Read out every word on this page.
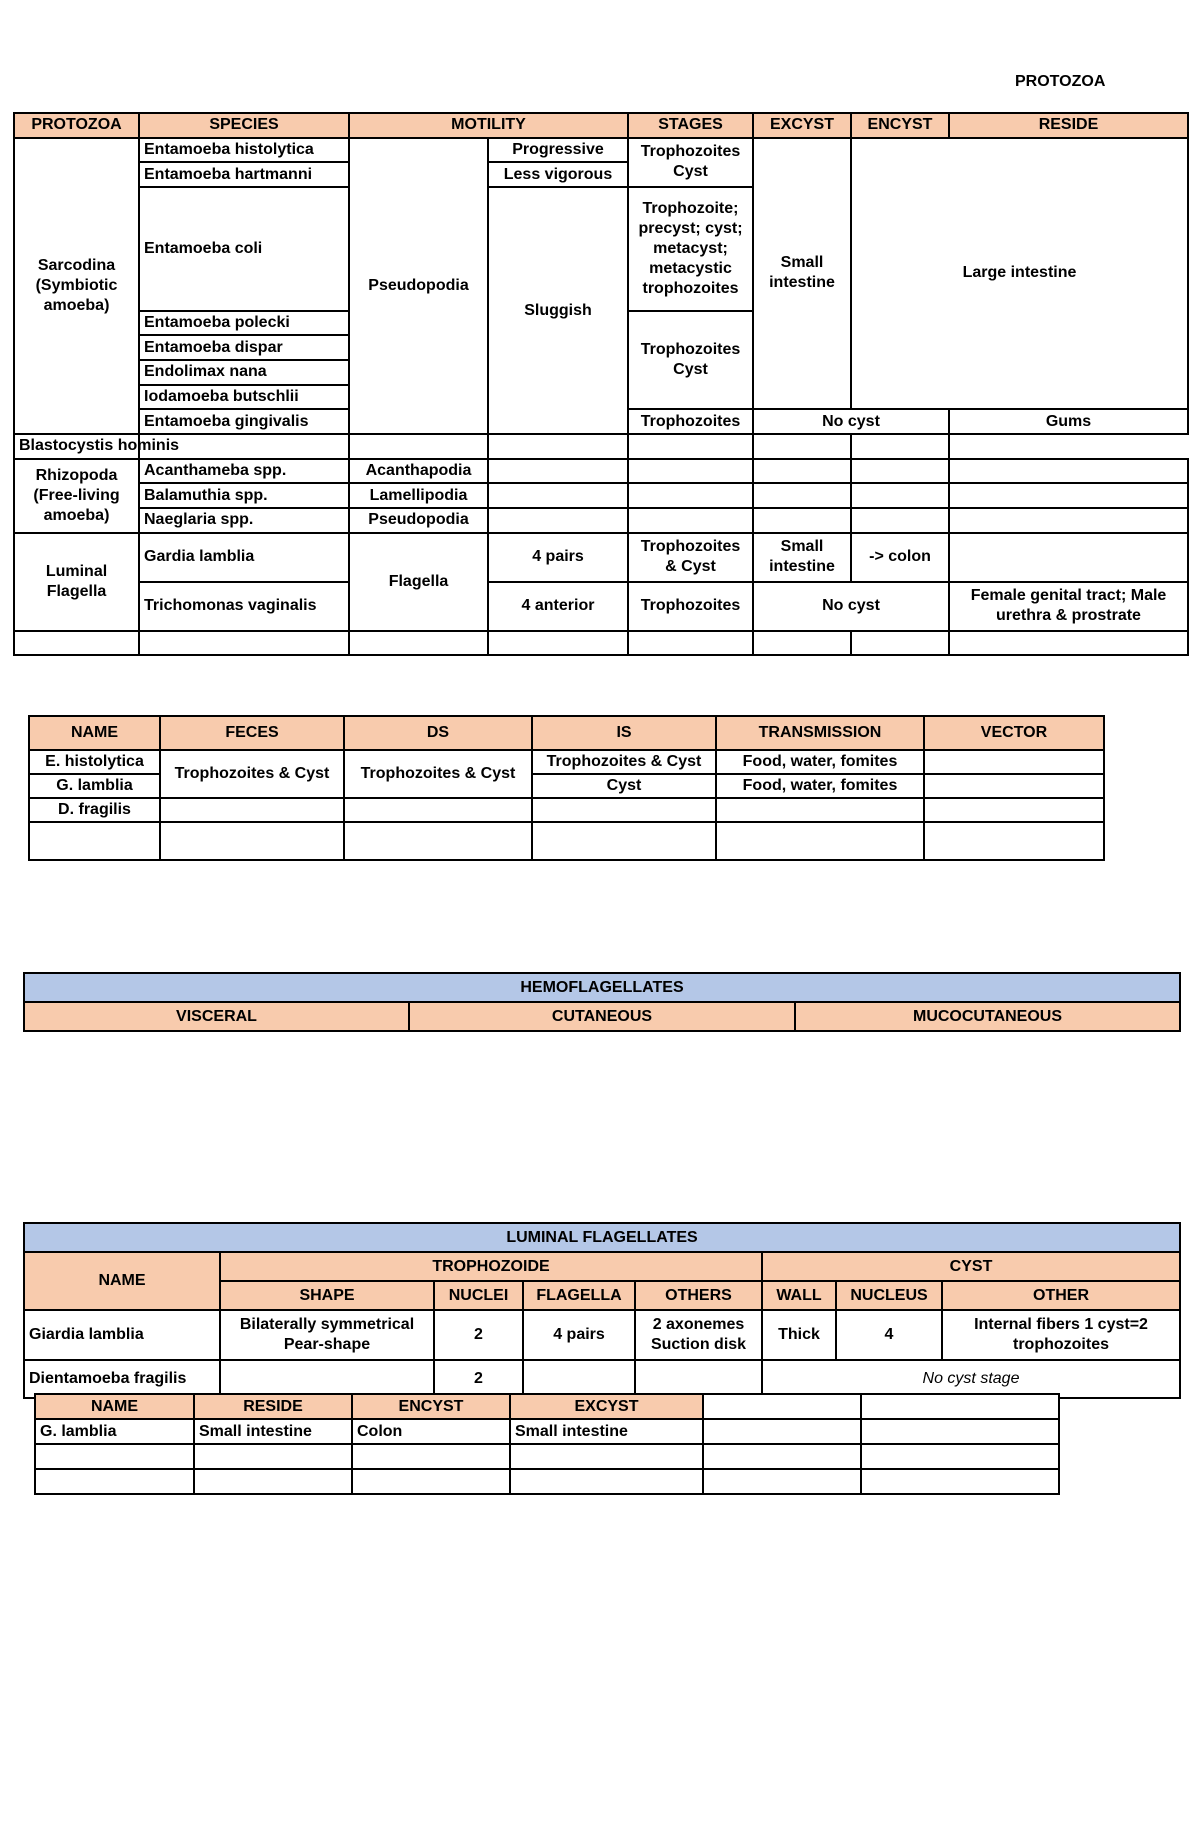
PROTOZOA
PROTOZOA	SPECIES	MOTILITY		STAGES	EXCYST	ENCYST	RESIDE
Sarcodina (Symbiotic amoeba)	Entamoeba histolytica	Pseudopodia	Progressive	Trophozoites Cyst	Small intestine	Large intestine	
	Entamoeba hartmanni		Less vigorous				
	Entamoeba coli		Sluggish	Trophozoite; precyst; cyst; metacyst; metacystic trophozoites			

	Entamoeba polecki			Trophozoites Cyst			
	Entamoeba dispar						
	Endolimax nana						
	Iodamoeba butschlii						
	Entamoeba gingivalis			Trophozoites	No cyst		Gums
Blastocystis hominis							
Rhizopoda (Free-living amoeba)	Acanthameba spp.	Acanthapodia					
	Balamuthia spp.	Lamellipodia					
	Naeglaria spp.	Pseudopodia					
Luminal Flagella	Gardia lamblia	Flagella	4 pairs	Trophozoites & Cyst	Small intestine	-> colon	
	Trichomonas vaginalis		4 anterior	Trophozoites	No cyst		Female genital tract; Male urethra & prostrate

NAME	FECES	DS	IS	TRANSMISSION	VECTOR
E. histolytica	Trophozoites & Cyst	Trophozoites & Cyst	Trophozoites & Cyst	Food, water, fomites	
G. lamblia			Cyst	Food, water, fomites	
D. fragilis					

HEMOFLAGELLATES
VISCERAL	CUTANEOUS	MUCOCUTANEOUS
LUMINAL FLAGELLATES							
NAME	TROPHOZOIDE				CYST		
	SHAPE	NUCLEI	FLAGELLA	OTHERS	WALL	NUCLEUS	OTHER
Giardia lamblia	Bilaterally symmetrical Pear-shape	2	4 pairs	2 axonemes Suction disk	Thick	4	Internal fibers 1 cyst=2 trophozoites
Dientamoeba fragilis		2			No cyst stage		
NAME	RESIDE	ENCYST	EXCYST		
G. lamblia	Small intestine	Colon	Small intestine		
